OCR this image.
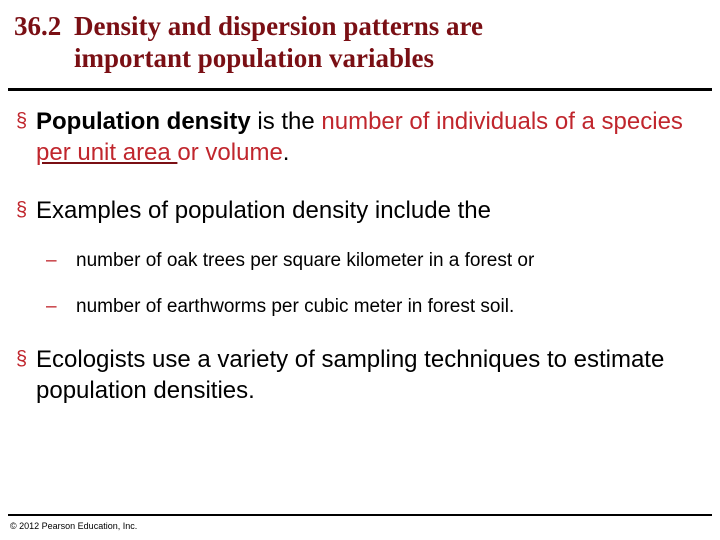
36.2 Density and dispersion patterns are
important population variables
§ Population density is the number of individuals of a species per unit area or volume.
§ Examples of population density include the
– number of oak trees per square kilometer in a forest or
– number of earthworms per cubic meter in forest soil.
§ Ecologists use a variety of sampling techniques to estimate population densities.
© 2012 Pearson Education, Inc.
